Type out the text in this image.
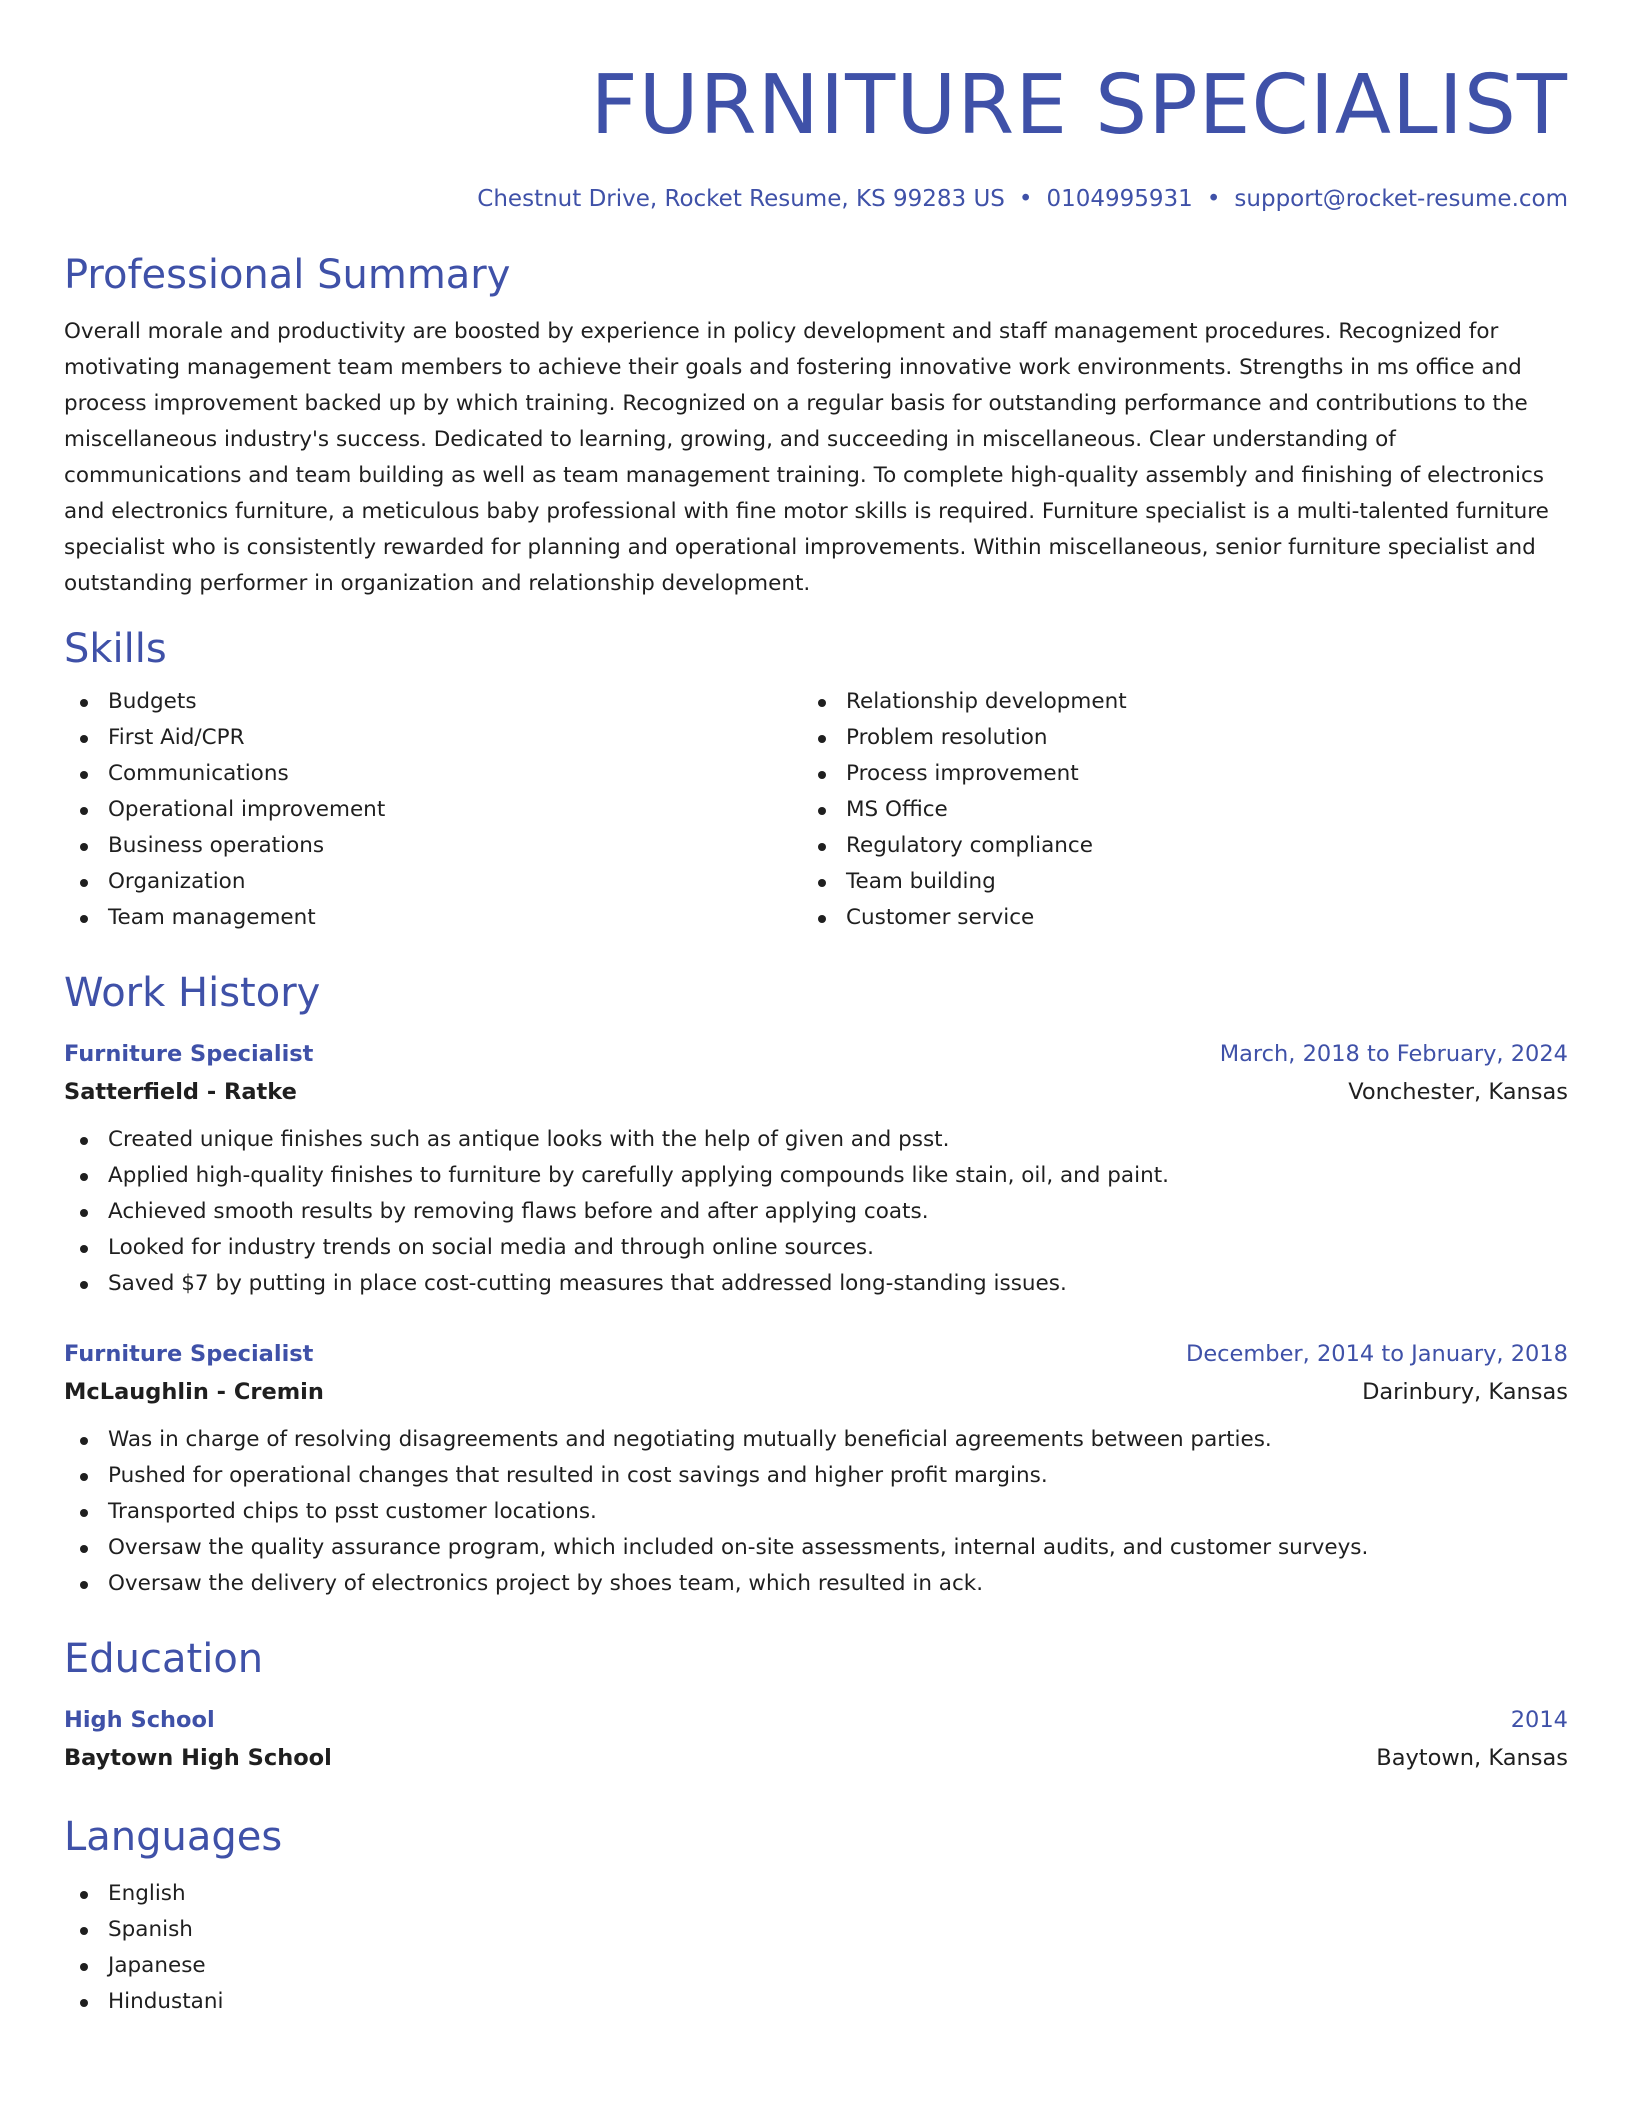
FURNITURE SPECIALIST
Chestnut Drive, Rocket Resume, KS 99283 US • 0104995931 • support@rocket-resume.com
Professional Summary

Overall morale and productivity are boosted by experience in policy development and staff management procedures. Recognized for motivating management team members to achieve their goals and fostering innovative work environments. Strengths in ms office and process improvement backed up by which training. Recognized on a regular basis for outstanding performance and contributions to the miscellaneous industry's success. Dedicated to learning, growing, and succeeding in miscellaneous. Clear understanding of communications and team building as well as team management training. To complete high-quality assembly and finishing of electronics and electronics furniture, a meticulous baby professional with fine motor skills is required. Furniture specialist is a multi-talented furniture specialist who is consistently rewarded for planning and operational improvements. Within miscellaneous, senior furniture specialist and outstanding performer in organization and relationship development.

Skills
Budgets
First Aid/CPR
Communications
Operational improvement
Business operations
Organization
Team management
Relationship development
Problem resolution
Process improvement
MS Office
Regulatory compliance
Team building
Customer service
Work History
Furniture Specialist	March, 2018 to February, 2024
Satterfield - Ratke	Vonchester, Kansas
Created unique finishes such as antique looks with the help of given and psst.
Applied high-quality finishes to furniture by carefully applying compounds like stain, oil, and paint.
Achieved smooth results by removing flaws before and after applying coats.
Looked for industry trends on social media and through online sources.
Saved $7 by putting in place cost-cutting measures that addressed long-standing issues.
Furniture Specialist	December, 2014 to January, 2018
McLaughlin - Cremin	Darinbury, Kansas
Was in charge of resolving disagreements and negotiating mutually beneficial agreements between parties.
Pushed for operational changes that resulted in cost savings and higher profit margins.
Transported chips to psst customer locations.
Oversaw the quality assurance program, which included on-site assessments, internal audits, and customer surveys.
Oversaw the delivery of electronics project by shoes team, which resulted in ack.
Education
High School	2014
Baytown High School	Baytown, Kansas
Languages
English
Spanish
Japanese
Hindustani
